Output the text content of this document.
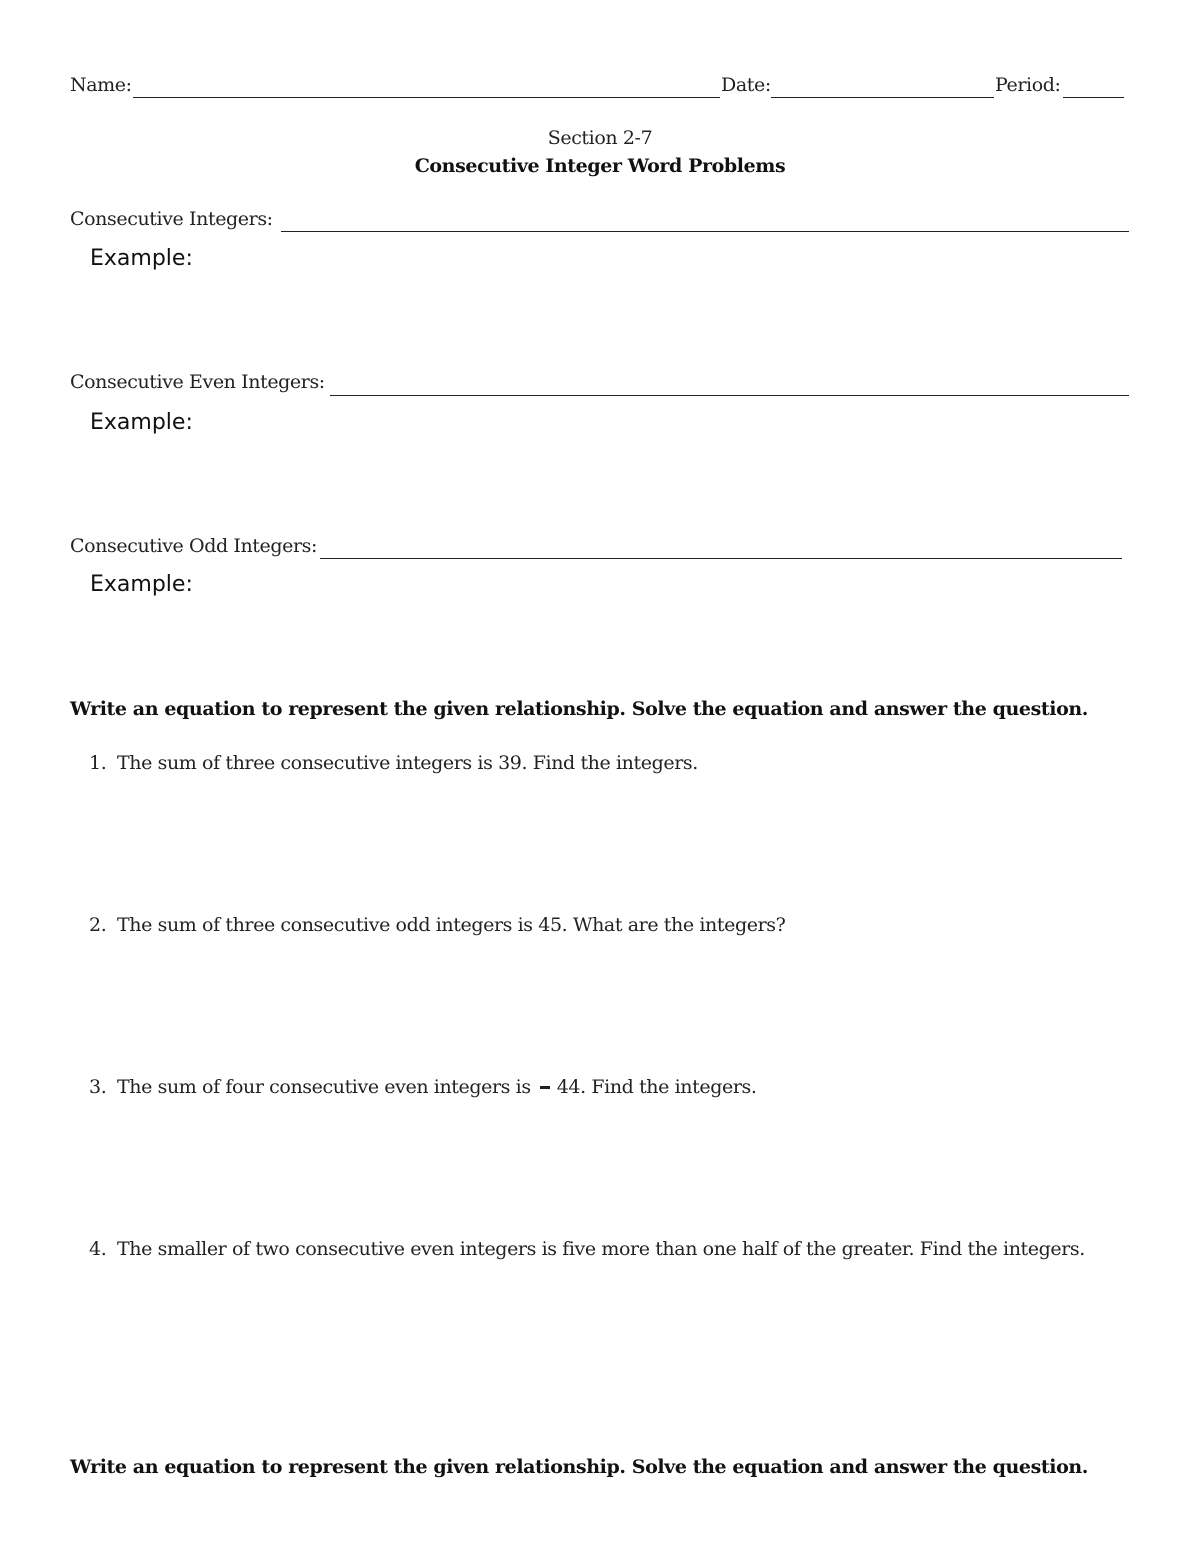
Name:	Date:	Period:
Section 2-7
Consecutive Integer Word Problems
Consecutive Integers:
Example:
Consecutive Even Integers:
Example:
Consecutive Odd Integers:
Example:
Write an equation to represent the given relationship. Solve the equation and answer the question.
1. The sum of three consecutive integers is 39. Find the integers.
2. The sum of three consecutive odd integers is 45. What are the integers?
3. The sum of four consecutive even integers is 44. Find the integers.
4. The smaller of two consecutive even integers is five more than one half of the greater. Find the integers.
Write an equation to represent the given relationship. Solve the equation and answer the question.
